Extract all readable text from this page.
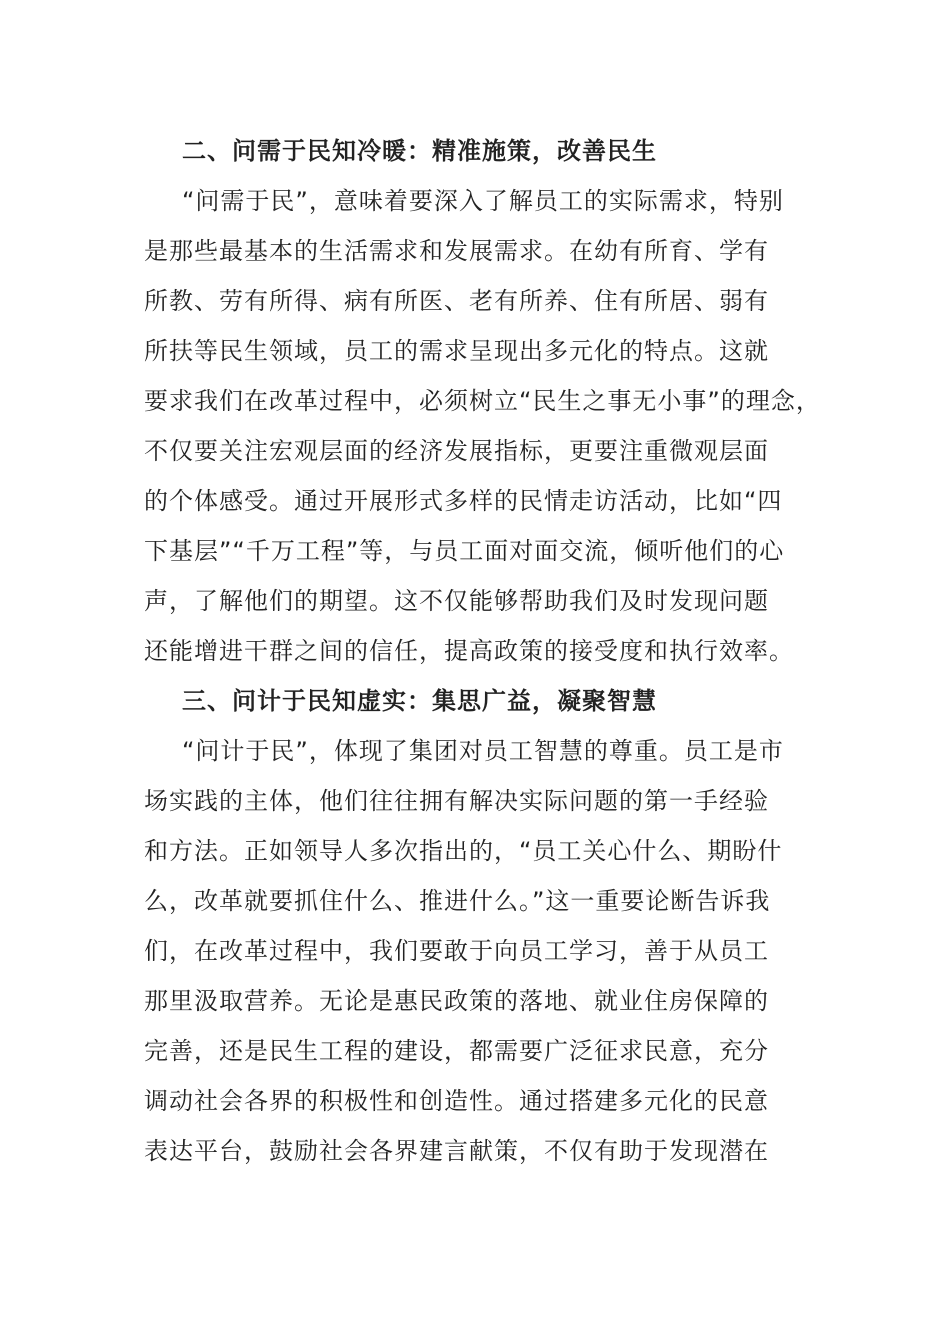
二、问需于民知冷暖：精准施策，改善民生
“问需于民”，意味着要深入了解员工的实际需求，特别
是那些最基本的生活需求和发展需求。在幼有所育、学有
所教、劳有所得、病有所医、老有所养、住有所居、弱有
所扶等民生领域，员工的需求呈现出多元化的特点。这就
要求我们在改革过程中，必须树立“民生之事无小事”的理念，
不仅要关注宏观层面的经济发展指标，更要注重微观层面
的个体感受。通过开展形式多样的民情走访活动，比如“四
下基层”“千万工程”等，与员工面对面交流，倾听他们的心
声，了解他们的期望。这不仅能够帮助我们及时发现问题
还能增进干群之间的信任，提高政策的接受度和执行效率。
三、问计于民知虚实：集思广益，凝聚智慧
“问计于民”，体现了集团对员工智慧的尊重。员工是市
场实践的主体，他们往往拥有解决实际问题的第一手经验
和方法。正如领导人多次指出的，“员工关心什么、期盼什
么，改革就要抓住什么、推进什么。”这一重要论断告诉我
们，在改革过程中，我们要敢于向员工学习，善于从员工
那里汲取营养。无论是惠民政策的落地、就业住房保障的
完善，还是民生工程的建设，都需要广泛征求民意，充分
调动社会各界的积极性和创造性。通过搭建多元化的民意
表达平台，鼓励社会各界建言献策，不仅有助于发现潜在
